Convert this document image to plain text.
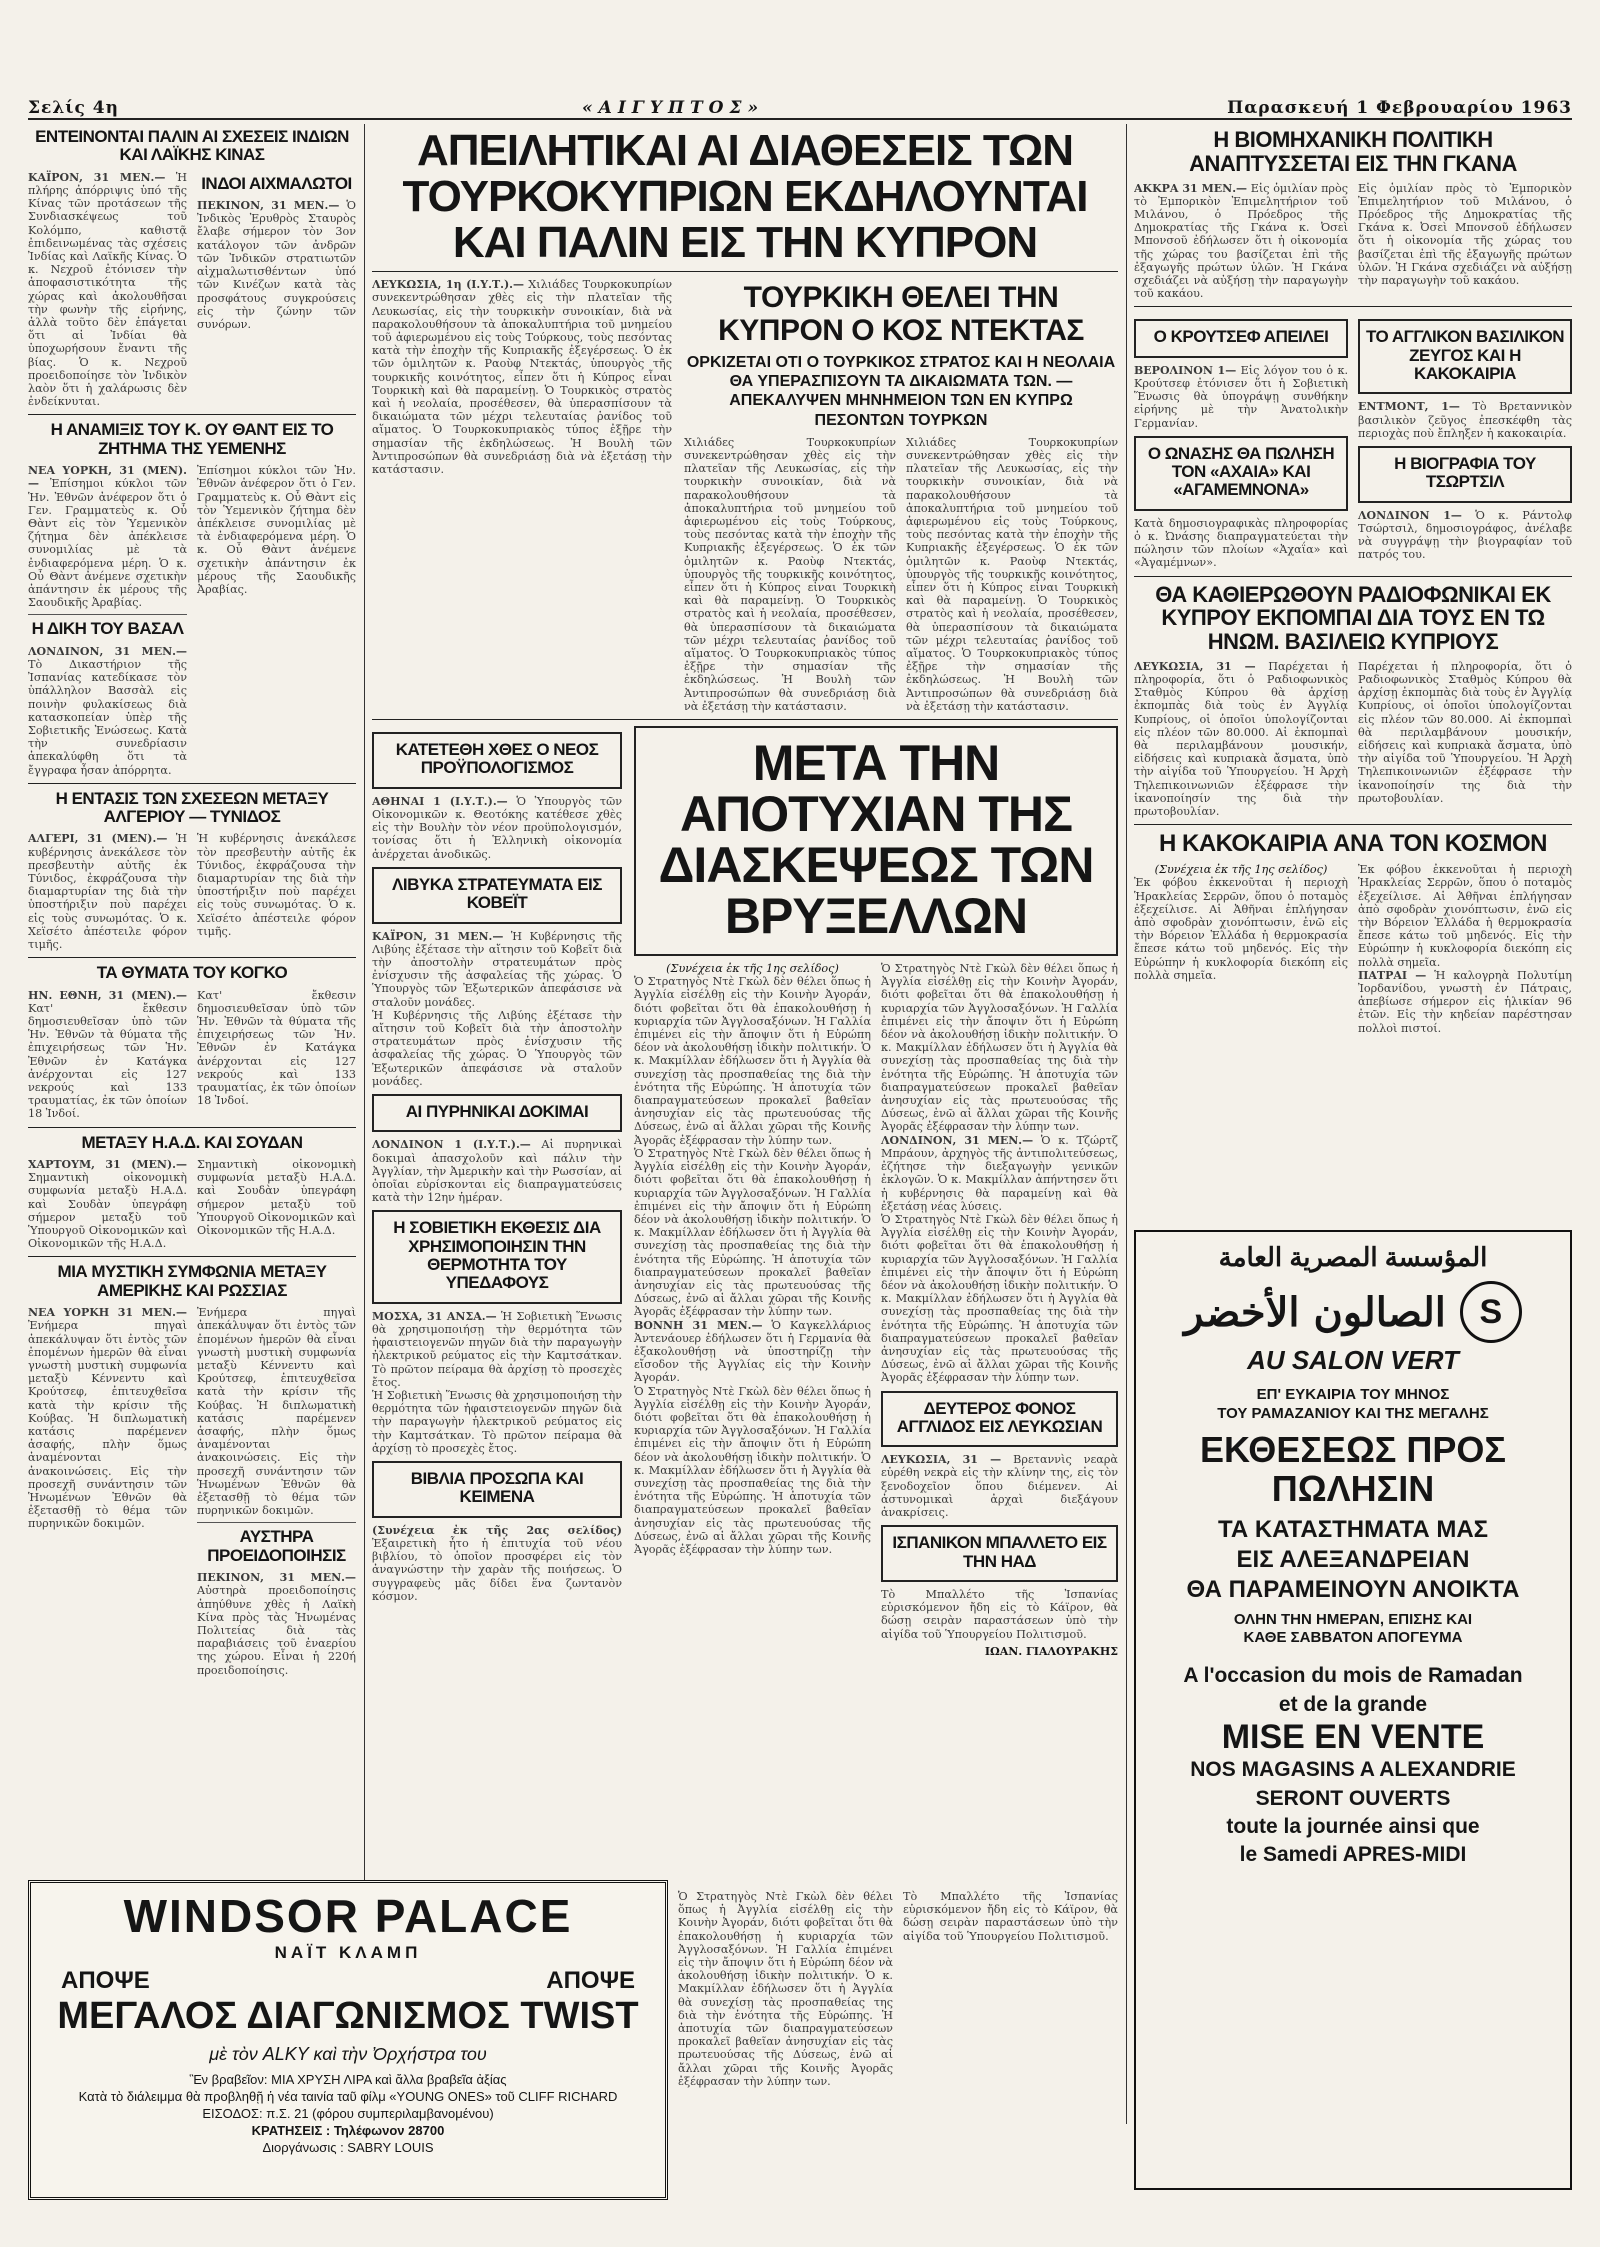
Σελίς 4η	«ΑΙΓΥΠΤΟΣ»	Παρασκευή 1 Φεβρουαρίου 1963
ΕΝΤΕΙΝΟΝΤΑΙ ΠΑΛΙΝ ΑΙ ΣΧΕΣΕΙΣ ΙΝΔΙΩΝ ΚΑΙ ΛΑΪΚΗΣ ΚΙΝΑΣ

ΚΑΪΡΟΝ, 31 ΜΕΝ.— Ἡ πλήρης ἀπόρριψις ὑπό τῆς Κίνας τῶν προτάσεων τῆς Συνδιασκέψεως τοῦ Κολόμπο, καθιστᾷ ἐπιδεινωμένας τὰς σχέσεις Ἰνδίας καὶ Λαϊκῆς Κίνας. Ὁ κ. Νεχροῦ ἐτόνισεν τὴν ἀποφασιστικότητα τῆς χώρας καὶ ἀκολουθῆσαι τὴν φωνὴν τῆς εἰρήνης, ἀλλὰ τοῦτο δὲν ἐπάγεται ὅτι αἱ Ἰνδίαι θὰ ὑποχωρήσουν ἔναντι τῆς βίας. Ὁ κ. Νεχροῦ προειδοποίησε τὸν Ἰνδικὸν λαὸν ὅτι ἡ χαλάρωσις δὲν ἐνδείκνυται.

ΙΝΔΟΙ ΑΙΧΜΑΛΩΤΟΙ

ΠΕΚΙΝΟΝ, 31 ΜΕΝ.— Ὁ Ἰνδικὸς Ἐρυθρὸς Σταυρὸς ἔλαβε σήμερον τὸν 3ον κατάλογον τῶν ἀνδρῶν τῶν Ἰνδικῶν στρατιωτῶν αἰχμαλωτισθέντων ὑπό τῶν Κινέζων κατὰ τὰς προσφάτους συγκρούσεις εἰς τὴν ζώνην τῶν συνόρων.

Η ΑΝΑΜΙΞΙΣ ΤΟΥ Κ. ΟΥ ΘΑΝΤ ΕΙΣ ΤΟ ΖΗΤΗΜΑ ΤΗΣ ΥΕΜΕΝΗΣ

ΝΕΑ ΥΟΡΚΗ, 31 (ΜΕΝ).— Ἐπίσημοι κύκλοι τῶν Ἡν. Ἐθνῶν ἀνέφερον ὅτι ὁ Γεν. Γραμματεὺς κ. Οὖ Θὰντ εἰς τὸν Ὑεμενικὸν ζήτημα δὲν ἀπέκλεισε συνομιλίας μὲ τὰ ἐνδιαφερόμενα μέρη. Ὁ κ. Οὖ Θὰντ ἀνέμενε σχετικὴν ἀπάντησιν ἐκ μέρους τῆς Σαουδικῆς Ἀραβίας.

Η ΔΙΚΗ ΤΟΥ ΒΑΣΑΛ

ΛΟΝΔΙΝΟΝ, 31 ΜΕΝ.— Τὸ Δικαστήριον τῆς Ἰσπανίας κατεδίκασε τὸν ὑπάλληλον Βασσὰλ εἰς ποινὴν φυλακίσεως διὰ κατασκοπείαν ὑπὲρ τῆς Σοβιετικῆς Ἑνώσεως. Κατὰ τὴν συνεδρίασιν ἀπεκαλύφθη ὅτι τὰ ἔγγραφα ἦσαν ἀπόρρητα.

Ἐπίσημοι κύκλοι τῶν Ἡν. Ἐθνῶν ἀνέφερον ὅτι ὁ Γεν. Γραμματεὺς κ. Οὖ Θὰντ εἰς τὸν Ὑεμενικὸν ζήτημα δὲν ἀπέκλεισε συνομιλίας μὲ τὰ ἐνδιαφερόμενα μέρη. Ὁ κ. Οὖ Θὰντ ἀνέμενε σχετικὴν ἀπάντησιν ἐκ μέρους τῆς Σαουδικῆς Ἀραβίας.

Η ΕΝΤΑΣΙΣ ΤΩΝ ΣΧΕΣΕΩΝ ΜΕΤΑΞΥ ΑΛΓΕΡΙΟΥ — ΤΥΝΙΔΟΣ

ΑΛΓΕΡΙ, 31 (ΜΕΝ).— Ἡ κυβέρνησις ἀνεκάλεσε τὸν πρεσβευτὴν αὐτῆς ἐκ Τύνιδος, ἐκφράζουσα τὴν διαμαρτυρίαν της διὰ τὴν ὑποστήριξιν ποὺ παρέχει εἰς τοὺς συνωμότας. Ὁ κ. Χεϊσέτο ἀπέστειλε φόρον τιμῆς.

Ἡ κυβέρνησις ἀνεκάλεσε τὸν πρεσβευτὴν αὐτῆς ἐκ Τύνιδος, ἐκφράζουσα τὴν διαμαρτυρίαν της διὰ τὴν ὑποστήριξιν ποὺ παρέχει εἰς τοὺς συνωμότας. Ὁ κ. Χεϊσέτο ἀπέστειλε φόρον τιμῆς.

ΤΑ ΘΥΜΑΤΑ ΤΟΥ ΚΟΓΚΟ

ΗΝ. ΕΘΝΗ, 31 (ΜΕΝ).— Κατ' ἔκθεσιν δημοσιευθεῖσαν ὑπὸ τῶν Ἡν. Ἐθνῶν τὰ θύματα τῆς ἐπιχειρήσεως τῶν Ἡν. Ἐθνῶν ἐν Κατάγκα ἀνέρχονται εἰς 127 νεκρούς καὶ 133 τραυματίας, ἐκ τῶν ὁποίων 18 Ἰνδοί.

Κατ' ἔκθεσιν δημοσιευθεῖσαν ὑπὸ τῶν Ἡν. Ἐθνῶν τὰ θύματα τῆς ἐπιχειρήσεως τῶν Ἡν. Ἐθνῶν ἐν Κατάγκα ἀνέρχονται εἰς 127 νεκρούς καὶ 133 τραυματίας, ἐκ τῶν ὁποίων 18 Ἰνδοί.

ΜΕΤΑΞΥ Η.Α.Δ. ΚΑΙ ΣΟΥΔΑΝ

ΧΑΡΤΟΥΜ, 31 (ΜΕΝ).— Σημαντικὴ οἰκονομικὴ συμφωνία μεταξὺ Η.Α.Δ. καὶ Σουδὰν ὑπεγράφη σήμερον μεταξὺ τοῦ Ὑπουργοῦ Οἰκονομικῶν καὶ Οἰκονομικῶν τῆς Η.Α.Δ.

Σημαντικὴ οἰκονομικὴ συμφωνία μεταξὺ Η.Α.Δ. καὶ Σουδὰν ὑπεγράφη σήμερον μεταξὺ τοῦ Ὑπουργοῦ Οἰκονομικῶν καὶ Οἰκονομικῶν τῆς Η.Α.Δ.

ΜΙΑ ΜΥΣΤΙΚΗ ΣΥΜΦΩΝΙΑ ΜΕΤΑΞΥ ΑΜΕΡΙΚΗΣ ΚΑΙ ΡΩΣΣΙΑΣ

ΝΕΑ ΥΟΡΚΗ 31 ΜΕΝ.— Ἐνήμερα πηγαὶ ἀπεκάλυψαν ὅτι ἐντὸς τῶν ἐπομένων ἡμερῶν θὰ εἶναι γνωστὴ μυστικὴ συμφωνία μεταξὺ Κέννεντυ καὶ Κρούτσεφ, ἐπιτευχθεῖσα κατὰ τὴν κρίσιν τῆς Κούβας. Ἡ διπλωματικὴ κατάσις παρέμενεν ἀσαφής, πλὴν ὅμως ἀναμένονται ἀνακοινώσεις. Εἰς τὴν προσεχῆ συνάντησιν τῶν Ἡνωμένων Ἐθνῶν θὰ ἐξετασθῇ τὸ θέμα τῶν πυρηνικῶν δοκιμῶν.

Ἐνήμερα πηγαὶ ἀπεκάλυψαν ὅτι ἐντὸς τῶν ἐπομένων ἡμερῶν θὰ εἶναι γνωστὴ μυστικὴ συμφωνία μεταξὺ Κέννεντυ καὶ Κρούτσεφ, ἐπιτευχθεῖσα κατὰ τὴν κρίσιν τῆς Κούβας. Ἡ διπλωματικὴ κατάσις παρέμενεν ἀσαφής, πλὴν ὅμως ἀναμένονται ἀνακοινώσεις. Εἰς τὴν προσεχῆ συνάντησιν τῶν Ἡνωμένων Ἐθνῶν θὰ ἐξετασθῇ τὸ θέμα τῶν πυρηνικῶν δοκιμῶν.

ΑΥΣΤΗΡΑ ΠΡΟΕΙΔΟΠΟΙΗΣΙΣ

ΠΕΚΙΝΟΝ, 31 ΜΕΝ.— Αὐστηρὰ προειδοποίησις ἀπηύθυνε χθὲς ἡ Λαϊκὴ Κίνα πρὸς τὰς Ἡνωμένας Πολιτείας διὰ τὰς παραβιάσεις τοῦ ἐναερίου της χώρου. Εἶναι ἡ 220ή προειδοποίησις.

WINDSOR PALACE
ΝΑΪΤ ΚΛΑΜΠ
ΑΠΟΨΕ	ΑΠΟΨΕ
ΜΕΓΑΛΟΣ ΔΙΑΓΩΝΙΣΜΟΣ TWIST
μὲ τὸν ALKY καὶ τὴν Ὀρχήστρα του
Ἓν βραβεῖον: ΜΙΑ ΧΡΥΣΗ ΛΙΡΑ καὶ ἄλλα βραβεῖα ἀξίας
Κατὰ τὸ διάλειμμα θὰ προβληθῇ ἡ νέα ταινία ταῦ φίλμ «YOUNG ONES» τοῦ CLIFF RICHARD
ΕΙΣΟΔΟΣ: π.Σ. 21 (φόρου συμπεριλαμβανομένου)
ΚΡΑΤΗΣΕΙΣ : Τηλέφωνον 28700
Διοργάνωσις : SABRY LOUIS
ΑΠΕΙΛΗΤΙΚΑΙ ΑΙ ΔΙΑΘΕΣΕΙΣ ΤΩΝ ΤΟΥΡΚΟΚΥΠΡΙΩΝ ΕΚΔΗΛΟΥΝΤΑΙ ΚΑΙ ΠΑΛΙΝ ΕΙΣ ΤΗΝ ΚΥΠΡΟΝ

ΛΕΥΚΩΣΙΑ, 1η (Ι.Υ.Τ.).— Χιλιάδες Τουρκοκυπρίων συνεκεντρώθησαν χθὲς εἰς τὴν πλατεῖαν τῆς Λευκωσίας, εἰς τὴν τουρκικὴν συνοικίαν, διὰ νὰ παρακολουθήσουν τὰ ἀποκαλυπτήρια τοῦ μνημείου τοῦ ἀφιερωμένου εἰς τοὺς Τούρκους, τοὺς πεσόντας κατὰ τὴν ἐποχὴν τῆς Κυπριακῆς ἐξεγέρσεως. Ὁ ἐκ τῶν ὁμιλητῶν κ. Ραοὺφ Ντεκτάς, ὑπουργὸς τῆς τουρκικῆς κοινότητος, εἶπεν ὅτι ἡ Κύπρος εἶναι Τουρκικὴ καὶ θὰ παραμείνῃ. Ὁ Τουρκικὸς στρατὸς καὶ ἡ νεολαία, προσέθεσεν, θὰ ὑπερασπίσουν τὰ δικαιώματα τῶν μέχρι τελευταίας ῥανίδος τοῦ αἵματος. Ὁ Τουρκοκυπριακὸς τύπος ἐξῇρε τὴν σημασίαν τῆς ἐκδηλώσεως. Ἡ Βουλὴ τῶν Ἀντιπροσώπων θὰ συνεδριάσῃ διὰ νὰ ἐξετάσῃ τὴν κατάστασιν.

ΤΟΥΡΚΙΚΗ ΘΕΛΕΙ ΤΗΝ ΚΥΠΡΟΝ Ο ΚΟΣ ΝΤΕΚΤΑΣ
ΟΡΚΙΖΕΤΑΙ ΟΤΙ Ο ΤΟΥΡΚΙΚΟΣ ΣΤΡΑΤΟΣ ΚΑΙ Η ΝΕΟΛΑΙΑ ΘΑ ΥΠΕΡΑΣΠΙΣΟΥΝ ΤΑ ΔΙΚΑΙΩΜΑΤΑ ΤΩΝ. — ΑΠΕΚΑΛΥΨΕΝ ΜΗΝΗΜΕΙΟΝ ΤΩΝ ΕΝ ΚΥΠΡΩ ΠΕΣΟΝΤΩΝ ΤΟΥΡΚΩΝ

Χιλιάδες Τουρκοκυπρίων συνεκεντρώθησαν χθὲς εἰς τὴν πλατεῖαν τῆς Λευκωσίας, εἰς τὴν τουρκικὴν συνοικίαν, διὰ νὰ παρακολουθήσουν τὰ ἀποκαλυπτήρια τοῦ μνημείου τοῦ ἀφιερωμένου εἰς τοὺς Τούρκους, τοὺς πεσόντας κατὰ τὴν ἐποχὴν τῆς Κυπριακῆς ἐξεγέρσεως. Ὁ ἐκ τῶν ὁμιλητῶν κ. Ραοὺφ Ντεκτάς, ὑπουργὸς τῆς τουρκικῆς κοινότητος, εἶπεν ὅτι ἡ Κύπρος εἶναι Τουρκικὴ καὶ θὰ παραμείνῃ. Ὁ Τουρκικὸς στρατὸς καὶ ἡ νεολαία, προσέθεσεν, θὰ ὑπερασπίσουν τὰ δικαιώματα τῶν μέχρι τελευταίας ῥανίδος τοῦ αἵματος. Ὁ Τουρκοκυπριακὸς τύπος ἐξῇρε τὴν σημασίαν τῆς ἐκδηλώσεως. Ἡ Βουλὴ τῶν Ἀντιπροσώπων θὰ συνεδριάσῃ διὰ νὰ ἐξετάσῃ τὴν κατάστασιν.

Χιλιάδες Τουρκοκυπρίων συνεκεντρώθησαν χθὲς εἰς τὴν πλατεῖαν τῆς Λευκωσίας, εἰς τὴν τουρκικὴν συνοικίαν, διὰ νὰ παρακολουθήσουν τὰ ἀποκαλυπτήρια τοῦ μνημείου τοῦ ἀφιερωμένου εἰς τοὺς Τούρκους, τοὺς πεσόντας κατὰ τὴν ἐποχὴν τῆς Κυπριακῆς ἐξεγέρσεως. Ὁ ἐκ τῶν ὁμιλητῶν κ. Ραοὺφ Ντεκτάς, ὑπουργὸς τῆς τουρκικῆς κοινότητος, εἶπεν ὅτι ἡ Κύπρος εἶναι Τουρκικὴ καὶ θὰ παραμείνῃ. Ὁ Τουρκικὸς στρατὸς καὶ ἡ νεολαία, προσέθεσεν, θὰ ὑπερασπίσουν τὰ δικαιώματα τῶν μέχρι τελευταίας ῥανίδος τοῦ αἵματος. Ὁ Τουρκοκυπριακὸς τύπος ἐξῇρε τὴν σημασίαν τῆς ἐκδηλώσεως. Ἡ Βουλὴ τῶν Ἀντιπροσώπων θὰ συνεδριάσῃ διὰ νὰ ἐξετάσῃ τὴν κατάστασιν.

ΚΑΤΕΤΕΘΗ ΧΘΕΣ Ο ΝΕΟΣ ΠΡΟΫΠΟΛΟΓΙΣΜΟΣ

ΑΘΗΝΑΙ 1 (Ι.Υ.Τ.).— Ὁ Ὑπουργὸς τῶν Οἰκονομικῶν κ. Θεοτόκης κατέθεσε χθὲς εἰς τὴν Βουλὴν τὸν νέον προϋπολογισμόν, τονίσας ὅτι ἡ Ἑλληνικὴ οἰκονομία ἀνέρχεται ἀνοδικῶς.

ΛΙΒΥΚΑ ΣΤΡΑΤΕΥΜΑΤΑ ΕΙΣ ΚΟΒΕΪΤ

ΚΑΪΡΟΝ, 31 ΜΕΝ.— Ἡ Κυβέρνησις τῆς Λιβύης ἐξέτασε τὴν αἴτησιν τοῦ Κοβεῖτ διὰ τὴν ἀποστολὴν στρατευμάτων πρὸς ἐνίσχυσιν τῆς ἀσφαλείας τῆς χώρας. Ὁ Ὑπουργὸς τῶν Ἐξωτερικῶν ἀπεφάσισε νὰ σταλοῦν μονάδες.

Ἡ Κυβέρνησις τῆς Λιβύης ἐξέτασε τὴν αἴτησιν τοῦ Κοβεῖτ διὰ τὴν ἀποστολὴν στρατευμάτων πρὸς ἐνίσχυσιν τῆς ἀσφαλείας τῆς χώρας. Ὁ Ὑπουργὸς τῶν Ἐξωτερικῶν ἀπεφάσισε νὰ σταλοῦν μονάδες.

ΑΙ ΠΥΡΗΝΙΚΑΙ ΔΟΚΙΜΑΙ

ΛΟΝΔΙΝΟΝ 1 (Ι.Υ.Τ.).— Αἱ πυρηνικαὶ δοκιμαὶ ἀπασχολοῦν καὶ πάλιν τὴν Ἀγγλίαν, τὴν Ἀμερικὴν καὶ τὴν Ρωσσίαν, αἱ ὁποῖαι εὑρίσκονται εἰς διαπραγματεύσεις κατὰ τὴν 12ην ἡμέραν.

Η ΣΟΒΙΕΤΙΚΗ ΕΚΘΕΣΙΣ ΔΙΑ ΧΡΗΣΙΜΟΠΟΙΗΣΙΝ ΤΗΝ ΘΕΡΜΟΤΗΤΑ ΤΟΥ ΥΠΕΔΑΦΟΥΣ

ΜΟΣΧΑ, 31 ΑΝΣΑ.— Ἡ Σοβιετικὴ Ἕνωσις θὰ χρησιμοποιήσῃ τὴν θερμότητα τῶν ἡφαιστειογενῶν πηγῶν διὰ τὴν παραγωγὴν ἠλεκτρικοῦ ρεύματος εἰς τὴν Καμτσάτκαν. Τὸ πρῶτον πείραμα θὰ ἀρχίσῃ τὸ προσεχὲς ἔτος.

Ἡ Σοβιετικὴ Ἕνωσις θὰ χρησιμοποιήσῃ τὴν θερμότητα τῶν ἡφαιστειογενῶν πηγῶν διὰ τὴν παραγωγὴν ἠλεκτρικοῦ ρεύματος εἰς τὴν Καμτσάτκαν. Τὸ πρῶτον πείραμα θὰ ἀρχίσῃ τὸ προσεχὲς ἔτος.

ΒΙΒΛΙΑ ΠΡΟΣΩΠΑ ΚΑΙ ΚΕΙΜΕΝΑ

(Συνέχεια ἐκ τῆς 2ας σελίδος) Ἐξαιρετικὴ ἦτο ἡ ἐπιτυχία τοῦ νέου βιβλίου, τὸ ὁποῖον προσφέρει εἰς τὸν ἀναγνώστην τὴν χαρὰν τῆς ποιήσεως. Ὁ συγγραφεὺς μᾶς δίδει ἕνα ζωντανὸν κόσμον.

ΜΕΤΑ ΤΗΝ ΑΠΟΤΥΧΙΑΝ ΤΗΣ ΔΙΑΣΚΕΨΕΩΣ ΤΩΝ ΒΡΥΞΕΛΛΩΝ

(Συνέχεια ἐκ τῆς 1ης σελίδος)

Ὁ Στρατηγὸς Ντὲ Γκὼλ δὲν θέλει ὅπως ἡ Ἀγγλία εἰσέλθῃ εἰς τὴν Κοινὴν Ἀγοράν, διότι φοβεῖται ὅτι θὰ ἐπακολουθήσῃ ἡ κυριαρχία τῶν Ἀγγλοσαξόνων. Ἡ Γαλλία ἐπιμένει εἰς τὴν ἄποψιν ὅτι ἡ Εὐρώπη δέον νὰ ἀκολουθήσῃ ἰδικὴν πολιτικήν. Ὁ κ. Μακμίλλαν ἐδήλωσεν ὅτι ἡ Ἀγγλία θὰ συνεχίσῃ τὰς προσπαθείας της διὰ τὴν ἑνότητα τῆς Εὐρώπης. Ἡ ἀποτυχία τῶν διαπραγματεύσεων προκαλεῖ βαθεῖαν ἀνησυχίαν εἰς τὰς πρωτευούσας τῆς Δύσεως, ἐνῶ αἱ ἄλλαι χῶραι τῆς Κοινῆς Ἀγορᾶς ἐξέφρασαν τὴν λύπην των.

Ὁ Στρατηγὸς Ντὲ Γκὼλ δὲν θέλει ὅπως ἡ Ἀγγλία εἰσέλθῃ εἰς τὴν Κοινὴν Ἀγοράν, διότι φοβεῖται ὅτι θὰ ἐπακολουθήσῃ ἡ κυριαρχία τῶν Ἀγγλοσαξόνων. Ἡ Γαλλία ἐπιμένει εἰς τὴν ἄποψιν ὅτι ἡ Εὐρώπη δέον νὰ ἀκολουθήσῃ ἰδικὴν πολιτικήν. Ὁ κ. Μακμίλλαν ἐδήλωσεν ὅτι ἡ Ἀγγλία θὰ συνεχίσῃ τὰς προσπαθείας της διὰ τὴν ἑνότητα τῆς Εὐρώπης. Ἡ ἀποτυχία τῶν διαπραγματεύσεων προκαλεῖ βαθεῖαν ἀνησυχίαν εἰς τὰς πρωτευούσας τῆς Δύσεως, ἐνῶ αἱ ἄλλαι χῶραι τῆς Κοινῆς Ἀγορᾶς ἐξέφρασαν τὴν λύπην των.

ΒΟΝΝΗ 31 ΜΕΝ.— Ὁ Καγκελλάριος Ἀντενάουερ ἐδήλωσεν ὅτι ἡ Γερμανία θὰ ἐξακολουθήσῃ νὰ ὑποστηρίζῃ τὴν εἴσοδον τῆς Ἀγγλίας εἰς τὴν Κοινὴν Ἀγοράν.

Ὁ Στρατηγὸς Ντὲ Γκὼλ δὲν θέλει ὅπως ἡ Ἀγγλία εἰσέλθῃ εἰς τὴν Κοινὴν Ἀγοράν, διότι φοβεῖται ὅτι θὰ ἐπακολουθήσῃ ἡ κυριαρχία τῶν Ἀγγλοσαξόνων. Ἡ Γαλλία ἐπιμένει εἰς τὴν ἄποψιν ὅτι ἡ Εὐρώπη δέον νὰ ἀκολουθήσῃ ἰδικὴν πολιτικήν. Ὁ κ. Μακμίλλαν ἐδήλωσεν ὅτι ἡ Ἀγγλία θὰ συνεχίσῃ τὰς προσπαθείας της διὰ τὴν ἑνότητα τῆς Εὐρώπης. Ἡ ἀποτυχία τῶν διαπραγματεύσεων προκαλεῖ βαθεῖαν ἀνησυχίαν εἰς τὰς πρωτευούσας τῆς Δύσεως, ἐνῶ αἱ ἄλλαι χῶραι τῆς Κοινῆς Ἀγορᾶς ἐξέφρασαν τὴν λύπην των.

Ὁ Στρατηγὸς Ντὲ Γκὼλ δὲν θέλει ὅπως ἡ Ἀγγλία εἰσέλθῃ εἰς τὴν Κοινὴν Ἀγοράν, διότι φοβεῖται ὅτι θὰ ἐπακολουθήσῃ ἡ κυριαρχία τῶν Ἀγγλοσαξόνων. Ἡ Γαλλία ἐπιμένει εἰς τὴν ἄποψιν ὅτι ἡ Εὐρώπη δέον νὰ ἀκολουθήσῃ ἰδικὴν πολιτικήν. Ὁ κ. Μακμίλλαν ἐδήλωσεν ὅτι ἡ Ἀγγλία θὰ συνεχίσῃ τὰς προσπαθείας της διὰ τὴν ἑνότητα τῆς Εὐρώπης. Ἡ ἀποτυχία τῶν διαπραγματεύσεων προκαλεῖ βαθεῖαν ἀνησυχίαν εἰς τὰς πρωτευούσας τῆς Δύσεως, ἐνῶ αἱ ἄλλαι χῶραι τῆς Κοινῆς Ἀγορᾶς ἐξέφρασαν τὴν λύπην των.

ΛΟΝΔΙΝΟΝ, 31 ΜΕΝ.— Ὁ κ. Τζώρτζ Μπράουν, ἀρχηγὸς τῆς ἀντιπολιτεύσεως, ἐζήτησε τὴν διεξαγωγὴν γενικῶν ἐκλογῶν. Ὁ κ. Μακμίλλαν ἀπήντησεν ὅτι ἡ κυβέρνησις θὰ παραμείνῃ καὶ θὰ ἐξετάσῃ νέας λύσεις.

Ὁ Στρατηγὸς Ντὲ Γκὼλ δὲν θέλει ὅπως ἡ Ἀγγλία εἰσέλθῃ εἰς τὴν Κοινὴν Ἀγοράν, διότι φοβεῖται ὅτι θὰ ἐπακολουθήσῃ ἡ κυριαρχία τῶν Ἀγγλοσαξόνων. Ἡ Γαλλία ἐπιμένει εἰς τὴν ἄποψιν ὅτι ἡ Εὐρώπη δέον νὰ ἀκολουθήσῃ ἰδικὴν πολιτικήν. Ὁ κ. Μακμίλλαν ἐδήλωσεν ὅτι ἡ Ἀγγλία θὰ συνεχίσῃ τὰς προσπαθείας της διὰ τὴν ἑνότητα τῆς Εὐρώπης. Ἡ ἀποτυχία τῶν διαπραγματεύσεων προκαλεῖ βαθεῖαν ἀνησυχίαν εἰς τὰς πρωτευούσας τῆς Δύσεως, ἐνῶ αἱ ἄλλαι χῶραι τῆς Κοινῆς Ἀγορᾶς ἐξέφρασαν τὴν λύπην των.

ΔΕΥΤΕΡΟΣ ΦΟΝΟΣ ΑΓΓΛΙΔΟΣ ΕΙΣ ΛΕΥΚΩΣΙΑΝ

ΛΕΥΚΩΣΙΑ, 31 — Βρεταννὶς νεαρὰ εὑρέθη νεκρὰ εἰς τὴν κλίνην της, εἰς τὸν ξενοδοχεῖον ὅπου διέμενεν. Αἱ ἀστυνομικαὶ ἀρχαὶ διεξάγουν ἀνακρίσεις.

ΙΣΠΑΝΙΚΟΝ ΜΠΑΛΛΕΤΟ ΕΙΣ ΤΗΝ ΗΑΔ

Τὸ Μπαλλέτο τῆς Ἰσπανίας εὑρισκόμενον ἤδη εἰς τὸ Κάϊρον, θὰ δώσῃ σειρὰν παραστάσεων ὑπὸ τὴν αἰγίδα τοῦ Ὑπουργείου Πολιτισμοῦ.

ΙΩΑΝ. ΓΙΑΛΟΥΡΑΚΗΣ

Ὁ Στρατηγὸς Ντὲ Γκὼλ δὲν θέλει ὅπως ἡ Ἀγγλία εἰσέλθῃ εἰς τὴν Κοινὴν Ἀγοράν, διότι φοβεῖται ὅτι θὰ ἐπακολουθήσῃ ἡ κυριαρχία τῶν Ἀγγλοσαξόνων. Ἡ Γαλλία ἐπιμένει εἰς τὴν ἄποψιν ὅτι ἡ Εὐρώπη δέον νὰ ἀκολουθήσῃ ἰδικὴν πολιτικήν. Ὁ κ. Μακμίλλαν ἐδήλωσεν ὅτι ἡ Ἀγγλία θὰ συνεχίσῃ τὰς προσπαθείας της διὰ τὴν ἑνότητα τῆς Εὐρώπης. Ἡ ἀποτυχία τῶν διαπραγματεύσεων προκαλεῖ βαθεῖαν ἀνησυχίαν εἰς τὰς πρωτευούσας τῆς Δύσεως, ἐνῶ αἱ ἄλλαι χῶραι τῆς Κοινῆς Ἀγορᾶς ἐξέφρασαν τὴν λύπην των.

Τὸ Μπαλλέτο τῆς Ἰσπανίας εὑρισκόμενον ἤδη εἰς τὸ Κάϊρον, θὰ δώσῃ σειρὰν παραστάσεων ὑπὸ τὴν αἰγίδα τοῦ Ὑπουργείου Πολιτισμοῦ.

Η ΒΙΟΜΗΧΑΝΙΚΗ ΠΟΛΙΤΙΚΗ ΑΝΑΠΤΥΣΣΕΤΑΙ ΕΙΣ ΤΗΝ ΓΚΑΝΑ

ΑΚΚΡΑ 31 ΜΕΝ.— Εἰς ὁμιλίαν πρὸς τὸ Ἐμπορικὸν Ἐπιμελητήριον τοῦ Μιλάνου, ὁ Πρόεδρος τῆς Δημοκρατίας τῆς Γκάνα κ. Ὀσεὶ Μπονσοῦ ἐδήλωσεν ὅτι ἡ οἰκονομία τῆς χώρας του βασίζεται ἐπὶ τῆς ἐξαγωγῆς πρώτων ὑλῶν. Ἡ Γκάνα σχεδιάζει νὰ αὐξήσῃ τὴν παραγωγὴν τοῦ κακάου.

Εἰς ὁμιλίαν πρὸς τὸ Ἐμπορικὸν Ἐπιμελητήριον τοῦ Μιλάνου, ὁ Πρόεδρος τῆς Δημοκρατίας τῆς Γκάνα κ. Ὀσεὶ Μπονσοῦ ἐδήλωσεν ὅτι ἡ οἰκονομία τῆς χώρας του βασίζεται ἐπὶ τῆς ἐξαγωγῆς πρώτων ὑλῶν. Ἡ Γκάνα σχεδιάζει νὰ αὐξήσῃ τὴν παραγωγὴν τοῦ κακάου.

Ο ΚΡΟΥΤΣΕΦ ΑΠΕΙΛΕΙ

ΒΕΡΟΛΙΝΟΝ 1— Εἰς λόγον του ὁ κ. Κρούτσεφ ἐτόνισεν ὅτι ἡ Σοβιετικὴ Ἕνωσις θὰ ὑπογράψῃ συνθήκην εἰρήνης μὲ τὴν Ἀνατολικὴν Γερμανίαν.

Ο ΩΝΑΣΗΣ ΘΑ ΠΩΛΗΣΗ ΤΟΝ «ΑΧΑΙΑ» ΚΑΙ «ΑΓΑΜΕΜΝΟΝΑ»

Κατὰ δημοσιογραφικὰς πληροφορίας ὁ κ. Ὠνάσης διαπραγματεύεται τὴν πώλησιν τῶν πλοίων «Ἀχαΐα» καὶ «Ἀγαμέμνων».

ΤΟ ΑΓΓΛΙΚΟΝ ΒΑΣΙΛΙΚΟΝ ΖΕΥΓΟΣ ΚΑΙ Η ΚΑΚΟΚΑΙΡΙΑ

ΕΝΤΜΟΝΤ, 1— Τὸ Βρεταννικὸν βασιλικὸν ζεῦγος ἐπεσκέφθη τὰς περιοχὰς ποὺ ἔπληξεν ἡ κακοκαιρία.

Η ΒΙΟΓΡΑΦΙΑ ΤΟΥ ΤΣΩΡΤΣΙΛ

ΛΟΝΔΙΝΟΝ 1— Ὁ κ. Ράντολφ Τσώρτσιλ, δημοσιογράφος, ἀνέλαβε νὰ συγγράψῃ τὴν βιογραφίαν τοῦ πατρός του.

ΘΑ ΚΑΘΙΕΡΩΘΟΥΝ ΡΑΔΙΟΦΩΝΙΚΑΙ ΕΚ ΚΥΠΡΟΥ ΕΚΠΟΜΠΑΙ ΔΙΑ ΤΟΥΣ ΕΝ ΤΩ ΗΝΩΜ. ΒΑΣΙΛΕΙΩ ΚΥΠΡΙΟΥΣ

ΛΕΥΚΩΣΙΑ, 31 — Παρέχεται ἡ πληροφορία, ὅτι ὁ Ραδιοφωνικὸς Σταθμὸς Κύπρου θὰ ἀρχίσῃ ἐκπομπὰς διὰ τοὺς ἐν Ἀγγλίᾳ Κυπρίους, οἱ ὁποῖοι ὑπολογίζονται εἰς πλέον τῶν 80.000. Αἱ ἐκπομπαὶ θὰ περιλαμβάνουν μουσικήν, εἰδήσεις καὶ κυπριακὰ ἄσματα, ὑπὸ τὴν αἰγίδα τοῦ Ὑπουργείου. Ἡ Ἀρχὴ Τηλεπικοινωνιῶν ἐξέφρασε τὴν ἱκανοποίησίν της διὰ τὴν πρωτοβουλίαν.

Παρέχεται ἡ πληροφορία, ὅτι ὁ Ραδιοφωνικὸς Σταθμὸς Κύπρου θὰ ἀρχίσῃ ἐκπομπὰς διὰ τοὺς ἐν Ἀγγλίᾳ Κυπρίους, οἱ ὁποῖοι ὑπολογίζονται εἰς πλέον τῶν 80.000. Αἱ ἐκπομπαὶ θὰ περιλαμβάνουν μουσικήν, εἰδήσεις καὶ κυπριακὰ ἄσματα, ὑπὸ τὴν αἰγίδα τοῦ Ὑπουργείου. Ἡ Ἀρχὴ Τηλεπικοινωνιῶν ἐξέφρασε τὴν ἱκανοποίησίν της διὰ τὴν πρωτοβουλίαν.

Η ΚΑΚΟΚΑΙΡΙΑ ΑΝΑ ΤΟΝ ΚΟΣΜΟΝ

(Συνέχεια ἐκ τῆς 1ης σελίδος)

Ἐκ φόβου ἐκκενοῦται ἡ περιοχὴ Ἡρακλείας Σερρῶν, ὅπου ὁ ποταμὸς ἐξεχείλισε. Αἱ Ἀθῆναι ἐπλήγησαν ἀπὸ σφοδρὰν χιονόπτωσιν, ἐνῶ εἰς τὴν Βόρειον Ἑλλάδα ἡ θερμοκρασία ἔπεσε κάτω τοῦ μηδενός. Εἰς τὴν Εὐρώπην ἡ κυκλοφορία διεκόπη εἰς πολλὰ σημεῖα.

Ἐκ φόβου ἐκκενοῦται ἡ περιοχὴ Ἡρακλείας Σερρῶν, ὅπου ὁ ποταμὸς ἐξεχείλισε. Αἱ Ἀθῆναι ἐπλήγησαν ἀπὸ σφοδρὰν χιονόπτωσιν, ἐνῶ εἰς τὴν Βόρειον Ἑλλάδα ἡ θερμοκρασία ἔπεσε κάτω τοῦ μηδενός. Εἰς τὴν Εὐρώπην ἡ κυκλοφορία διεκόπη εἰς πολλὰ σημεῖα.

ΠΑΤΡΑΙ — Ἡ καλογρηὰ Πολυτίμη Ἰορδανίδου, γνωστὴ ἐν Πάτραις, ἀπεβίωσε σήμερον εἰς ἡλικίαν 96 ἐτῶν. Εἰς τὴν κηδείαν παρέστησαν πολλοὶ πιστοί.

المؤسسة المصرية العامة
الصالون الأخضر S
AU SALON VERT
ΕΠ' ΕΥΚΑΙΡΙΑ ΤΟΥ ΜΗΝΟΣ
ΤΟΥ ΡΑΜΑΖΑΝΙΟΥ ΚΑΙ ΤΗΣ ΜΕΓΑΛΗΣ
ΕΚΘΕΣΕΩΣ ΠΡΟΣ ΠΩΛΗΣΙΝ
ΤΑ ΚΑΤΑΣΤΗΜΑΤΑ ΜΑΣ
ΕΙΣ ΑΛΕΞΑΝΔΡΕΙΑΝ
ΘΑ ΠΑΡΑΜΕΙΝΟΥΝ ΑΝΟΙΚΤΑ
ΟΛΗΝ ΤΗΝ ΗΜΕΡΑΝ, ΕΠΙΣΗΣ ΚΑΙ
ΚΑΘΕ ΣΑΒΒΑΤΟΝ ΑΠΟΓΕΥΜΑ
A l'occasion du mois de Ramadan
et de la grande
MISE EN VENTE
NOS MAGASINS A ALEXANDRIE
SERONT OUVERTS
toute la journée ainsi que
le Samedi APRES-MIDI
